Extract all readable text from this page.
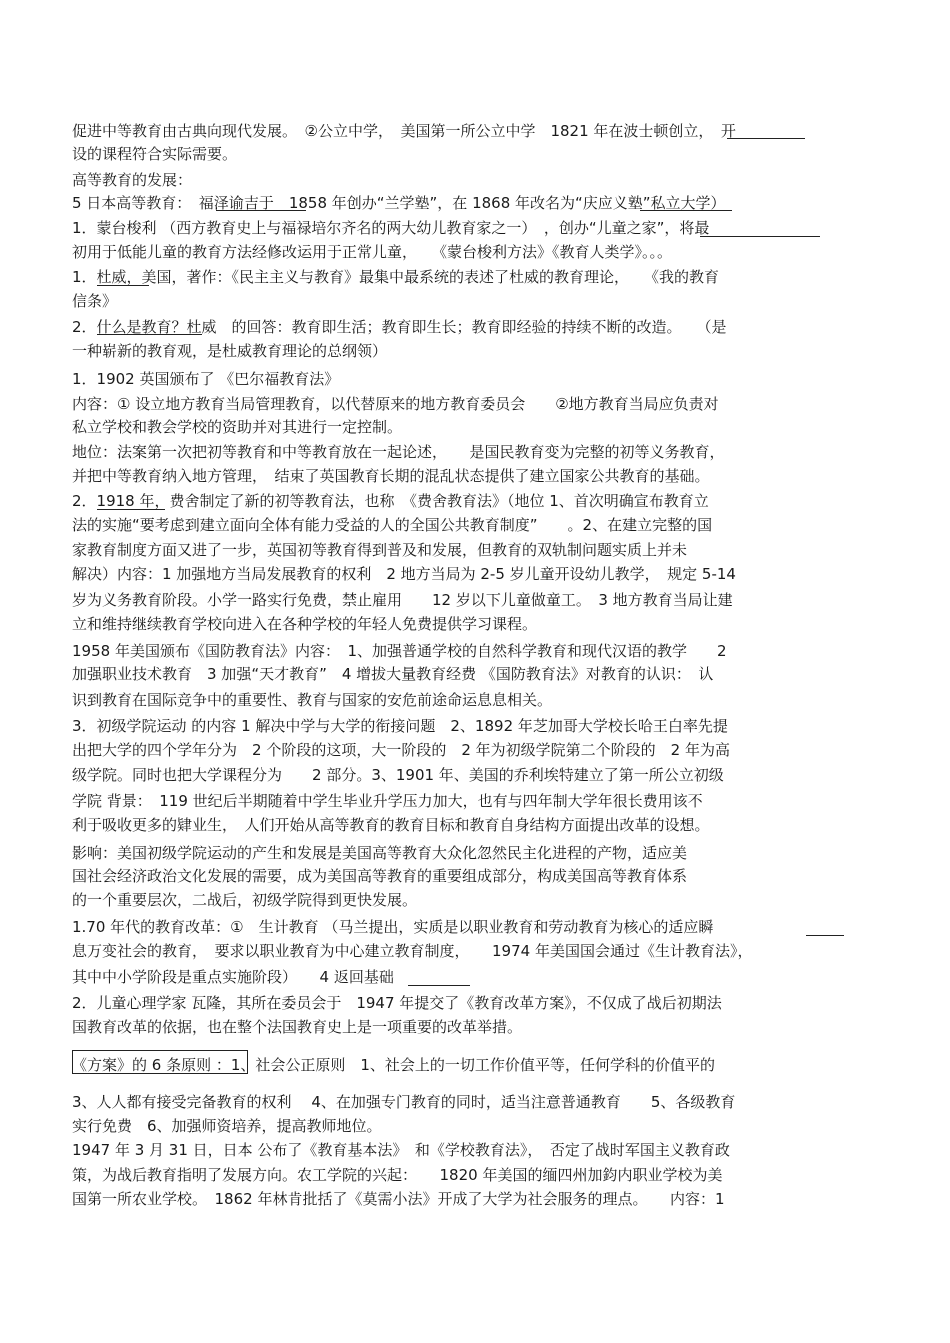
促进中等教育由古典向现代发展。　②公立中学，　美国第一所公立中学　1821 年在波士顿创立，　开
设的课程符合实际需要。
高等教育的发展：
5 日本高等教育：　福泽谕吉于　1858 年创办“兰学塾”，在 1868 年改名为“庆应义塾”私立大学）
1．蒙台梭利 （西方教育史上与福禄培尔齐名的两大幼儿教育家之一）　，创办“儿童之家”，将最
初用于低能儿童的教育方法经修改运用于正常儿童，　　《蒙台梭利方法》《教育人类学》。。。
1．杜威，美国，著作：《民主主义与教育》最集中最系统的表述了杜威的教育理论，　　《我的教育
信条》
2．什么是教育？杜威　的回答：教育即生活；教育即生长；教育即经验的持续不断的改造。　　（是
一种崭新的教育观，是杜威教育理论的总纲领）
1．1902 英国颁布了 《巴尔福教育法》
内容：① 设立地方教育当局管理教育，以代替原来的地方教育委员会　　②地方教育当局应负责对
私立学校和教会学校的资助并对其进行一定控制。
地位：法案第一次把初等教育和中等教育放在一起论述，　　是国民教育变为完整的初等义务教育，
并把中等教育纳入地方管理，　结束了英国教育长期的混乱状态提供了建立国家公共教育的基础。
2．1918 年，费舍制定了新的初等教育法，也称　《费舍教育法》（地位 1、首次明确宣布教育立
法的实施“要考虑到建立面向全体有能力受益的人的全国公共教育制度”　　。2、在建立完整的国
家教育制度方面又进了一步，英国初等教育得到普及和发展，但教育的双轨制问题实质上并未
解决）内容：1 加强地方当局发展教育的权利　2 地方当局为 2-5 岁儿童开设幼儿教学，　规定 5-14
岁为义务教育阶段。小学一路实行免费，禁止雇用　　12 岁以下儿童做童工。　3 地方教育当局让建
立和维持继续教育学校向进入在各种学校的年轻人免费提供学习课程。
1958 年美国颁布《国防教育法》内容：　1、加强普通学校的自然科学教育和现代汉语的教学　　2
加强职业技术教育　3 加强“天才教育”　4 增拔大量教育经费 《国防教育法》对教育的认识：　认
识到教育在国际竞争中的重要性、教育与国家的安危前途命运息息相关。
3．初级学院运动 的内容 1 解决中学与大学的衔接问题　2、1892 年芝加哥大学校长哈王白率先提
出把大学的四个学年分为　2 个阶段的这项，大一阶段的　2 年为初级学院第二个阶段的　2 年为高
级学院。同时也把大学课程分为　　2 部分。3、1901 年、美国的乔利埃特建立了第一所公立初级
学院 背景：　119 世纪后半期随着中学生毕业升学压力加大，也有与四年制大学年很长费用该不
利于吸收更多的肄业生，　人们开始从高等教育的教育目标和教育自身结构方面提出改革的设想。
影响：美国初级学院运动的产生和发展是美国高等教育大众化忽然民主化进程的产物，适应美
国社会经济政治文化发展的需要，成为美国高等教育的重要组成部分，构成美国高等教育体系
的一个重要层次，二战后，初级学院得到更快发展。
1.70 年代的教育改革：①　生计教育 （马兰提出，实质是以职业教育和劳动教育为核心的适应瞬
息万变社会的教育，　要求以职业教育为中心建立教育制度，　　1974 年美国国会通过《生计教育法》，
其中中小学阶段是重点实施阶段）　　4 返回基础
2．儿童心理学家 瓦隆，其所在委员会于　1947 年提交了《教育改革方案》，不仅成了战后初期法
国教育改革的依据，也在整个法国教育史上是一项重要的改革举措。
《方案》的 6 条原则 ：1、社会公正原则　1、社会上的一切工作价值平等，任何学科的价值平的
3、人人都有接受完备教育的权利　 4、在加强专门教育的同时，适当注意普通教育　　5、各级教育
实行免费　6、加强师资培养，提高教师地位。
1947 年 3 月 31 日，日本 公布了《教育基本法》　和《学校教育法》，　否定了战时军国主义教育政
策，为战后教育指明了发展方向。农工学院的兴起：　　1820 年美国的缅四州加鈞内职业学校为美
国第一所农业学校。　1862 年林肯批括了《莫需小法》开成了大学为社会服务的理点。　　内容：1
